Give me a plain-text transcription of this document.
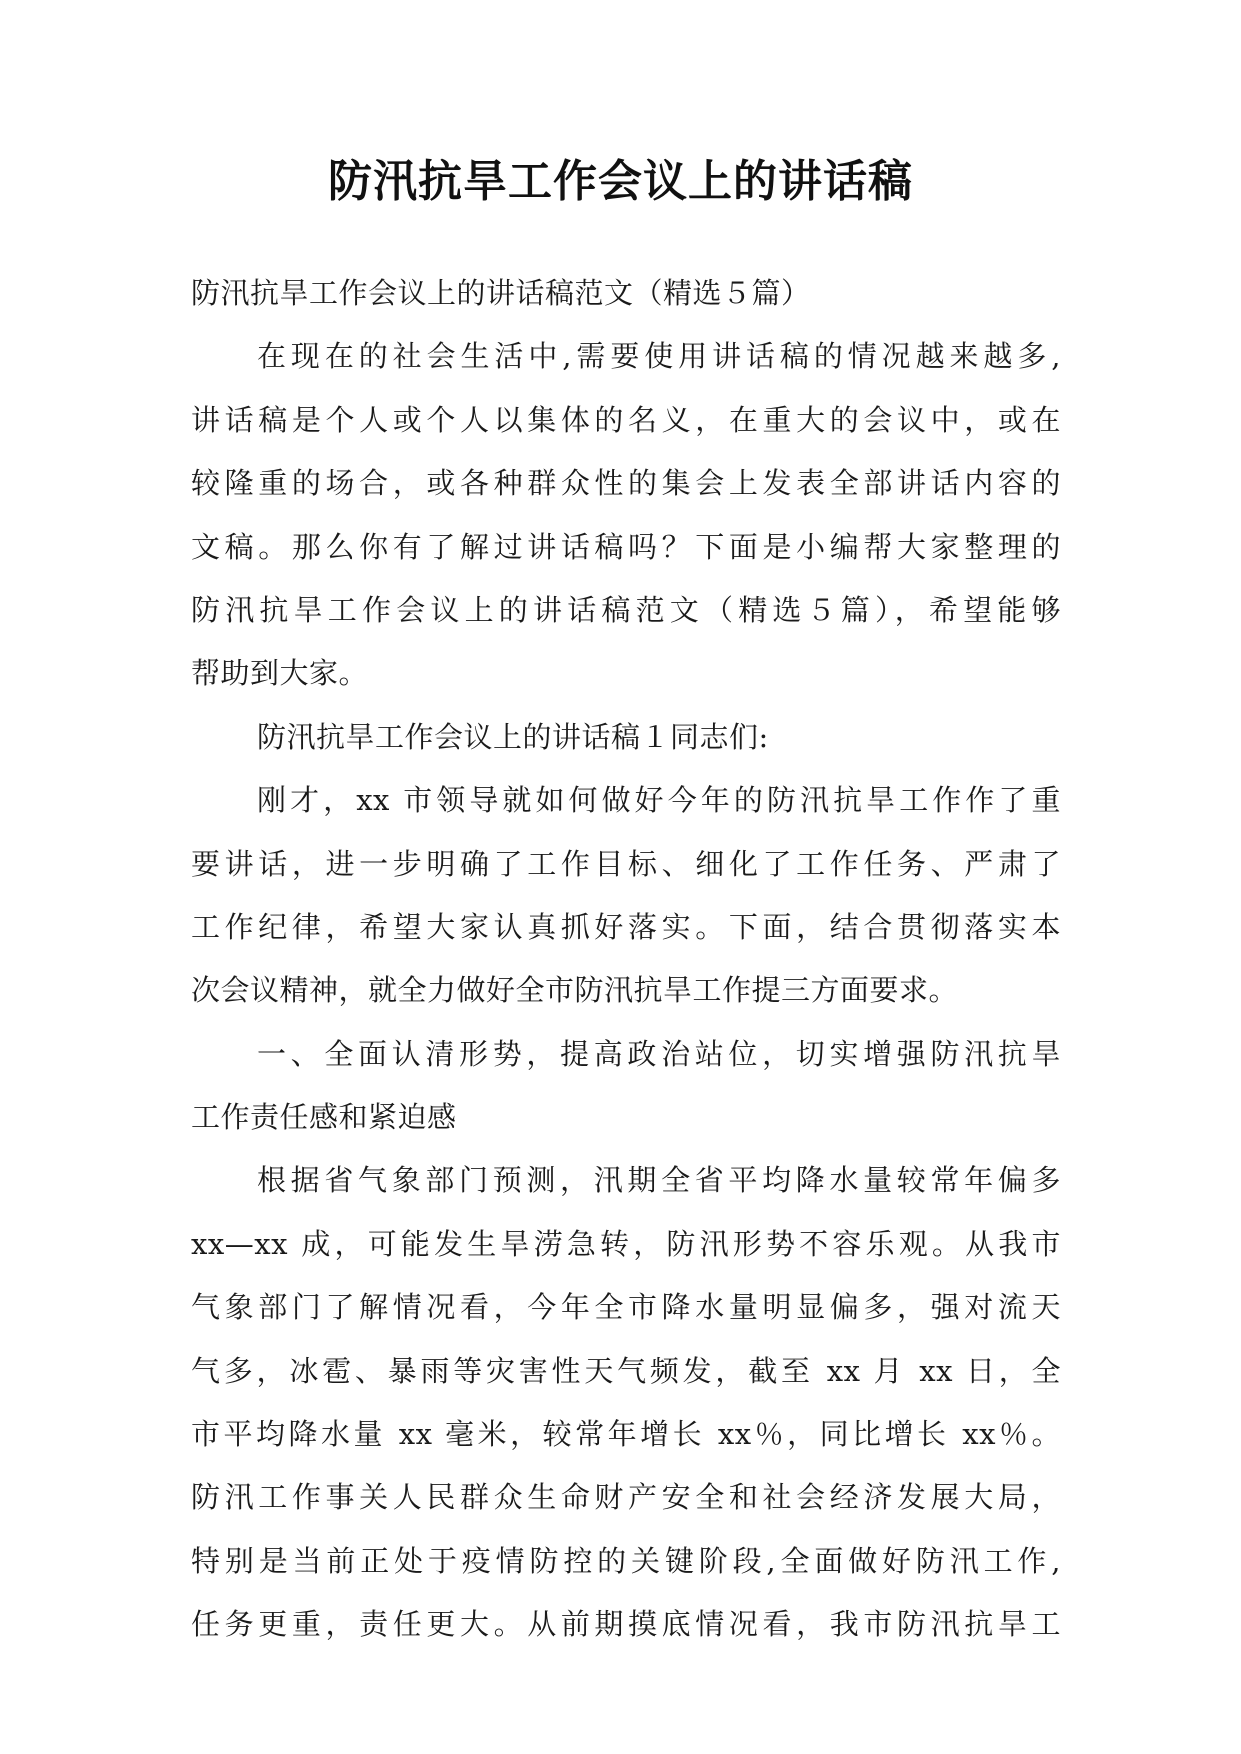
防汛抗旱工作会议上的讲话稿
防汛抗旱工作会议上的讲话稿范文（精选５篇）
在现在的社会生活中,需要使用讲话稿的情况越来越多,
讲话稿是个人或个人以集体的名义，在重大的会议中，或在
较隆重的场合，或各种群众性的集会上发表全部讲话内容的
文稿。那么你有了解过讲话稿吗？下面是小编帮大家整理的
防汛抗旱工作会议上的讲话稿范文（精选５篇），希望能够
帮助到大家。
防汛抗旱工作会议上的讲话稿１同志们:
刚才，xx 市领导就如何做好今年的防汛抗旱工作作了重
要讲话，进一步明确了工作目标、细化了工作任务、严肃了
工作纪律，希望大家认真抓好落实。下面，结合贯彻落实本
次会议精神，就全力做好全市防汛抗旱工作提三方面要求。
一、全面认清形势，提高政治站位，切实增强防汛抗旱
工作责任感和紧迫感
根据省气象部门预测，汛期全省平均降水量较常年偏多
xx—xx 成，可能发生旱涝急转，防汛形势不容乐观。从我市
气象部门了解情况看，今年全市降水量明显偏多，强对流天
气多，冰雹、暴雨等灾害性天气频发，截至 xx 月 xx 日，全
市平均降水量 xx 毫米，较常年增长 xx％，同比增长 xx％。
防汛工作事关人民群众生命财产安全和社会经济发展大局，
特别是当前正处于疫情防控的关键阶段,全面做好防汛工作,
任务更重，责任更大。从前期摸底情况看，我市防汛抗旱工
